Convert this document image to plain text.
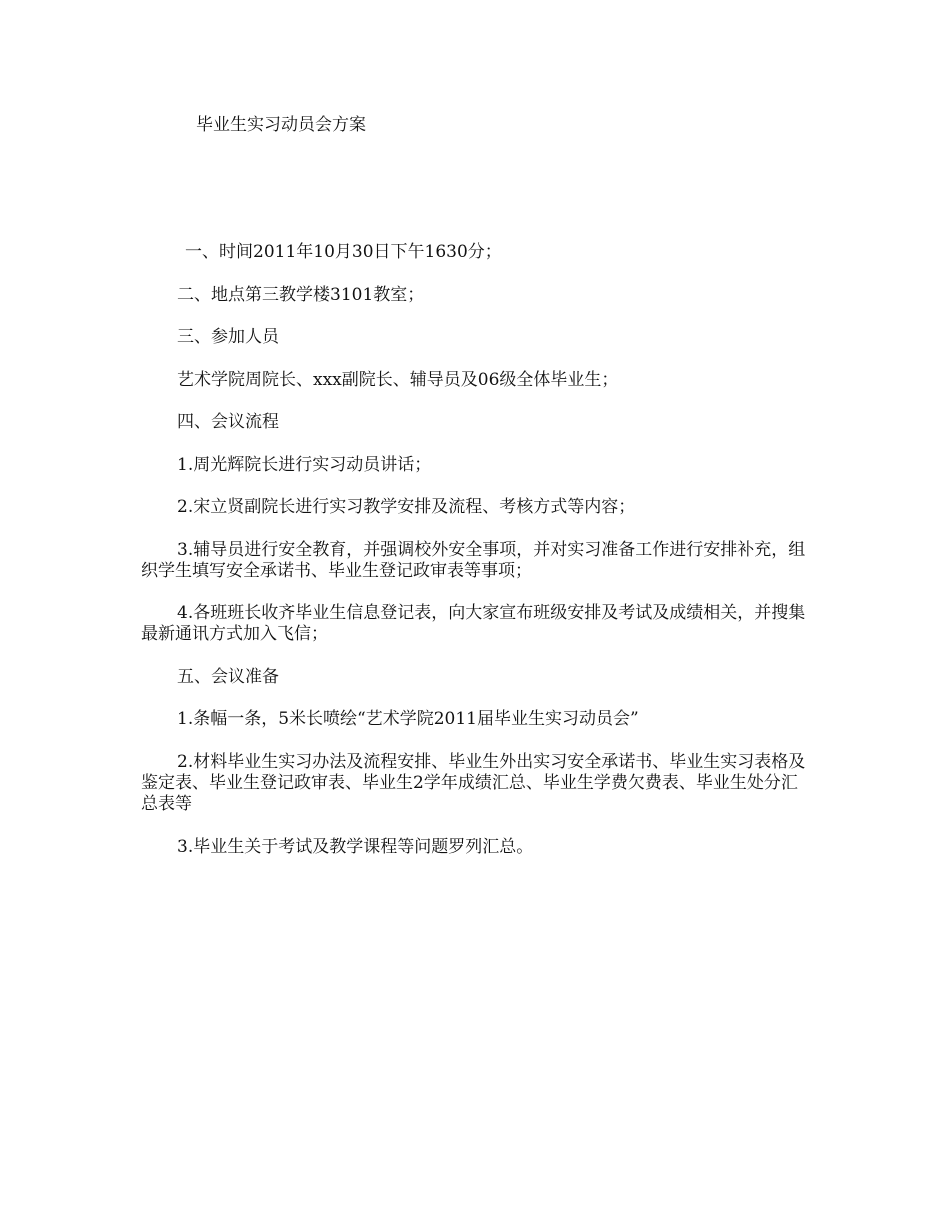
毕业生实习动员会方案

一、时间2011年10月30日下午1630分；

二、地点第三教学楼3101教室；

三、参加人员

艺术学院周院长、xxx副院长、辅导员及06级全体毕业生；

四、会议流程

1.周光辉院长进行实习动员讲话；

2.宋立贤副院长进行实习教学安排及流程、考核方式等内容；

3.辅导员进行安全教育，并强调校外安全事项，并对实习准备工作进行安排补充，组织学生填写安全承诺书、毕业生登记政审表等事项；

4.各班班长收齐毕业生信息登记表，向大家宣布班级安排及考试及成绩相关，并搜集最新通讯方式加入飞信；

五、会议准备

1.条幅一条，5米长喷绘“艺术学院2011届毕业生实习动员会”

2.材料毕业生实习办法及流程安排、毕业生外出实习安全承诺书、毕业生实习表格及鉴定表、毕业生登记政审表、毕业生2学年成绩汇总、毕业生学费欠费表、毕业生处分汇总表等

3.毕业生关于考试及教学课程等问题罗列汇总。
